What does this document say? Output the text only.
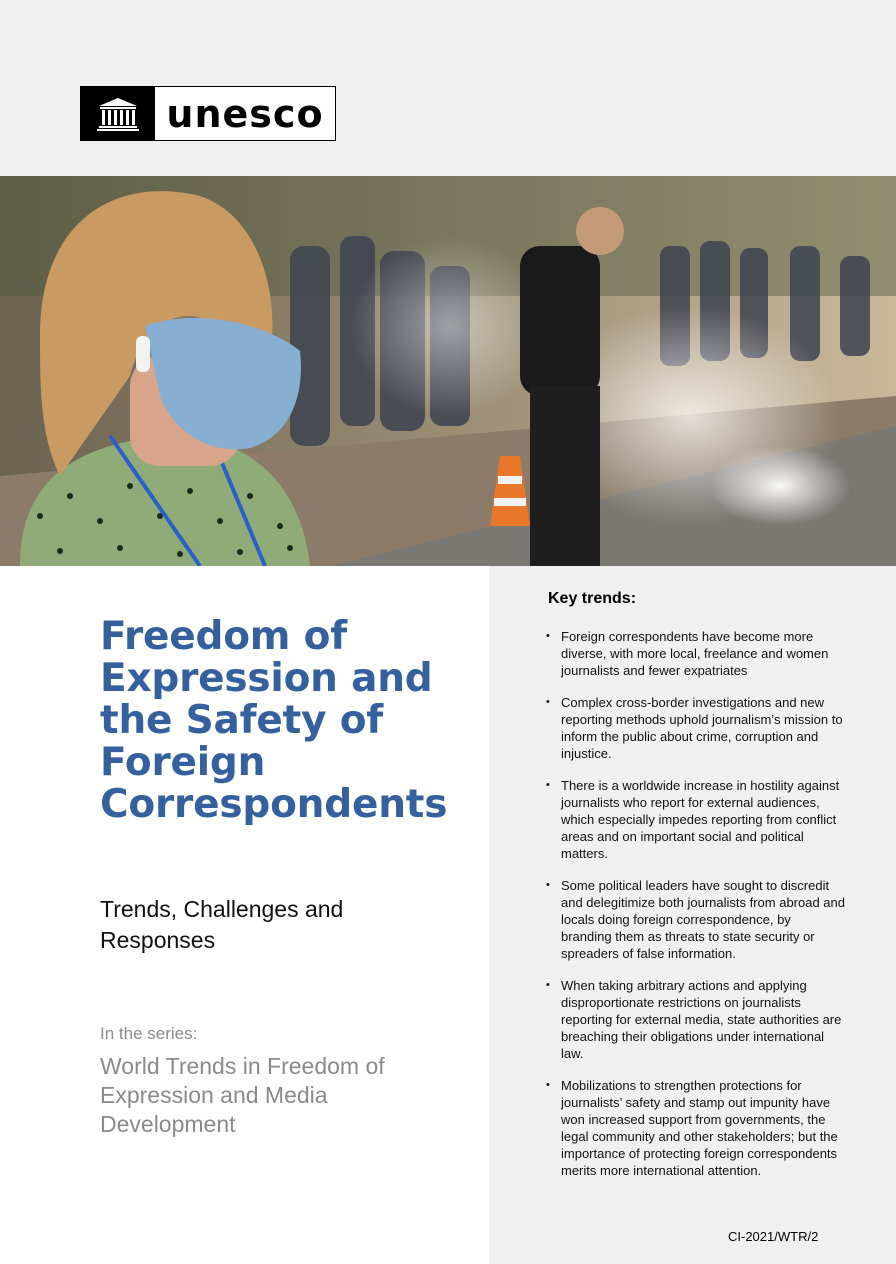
unesco
Freedom of Expression and the Safety of Foreign Correspondents

Trends, Challenges and Responses

In the series:

World Trends in Freedom of Expression and Media Development

Key trends:
• Foreign correspondents have become more diverse, with more local, freelance and women journalists and fewer expatriates
• Complex cross-border investigations and new reporting methods uphold journalism’s mission to inform the public about crime, corruption and injustice.
• There is a worldwide increase in hostility against journalists who report for external audiences, which especially impedes reporting from conflict areas and on important social and political matters.
• Some political leaders have sought to discredit and delegitimize both journalists from abroad and locals doing foreign correspondence, by branding them as threats to state security or spreaders of false information.
• When taking arbitrary actions and applying disproportionate restrictions on journalists reporting for external media, state authorities are breaching their obligations under international law.
• Mobilizations to strengthen protections for journalists’ safety and stamp out impunity have won increased support from governments, the legal community and other stakeholders; but the importance of protecting foreign correspondents merits more international attention.

CI-2021/WTR/2
